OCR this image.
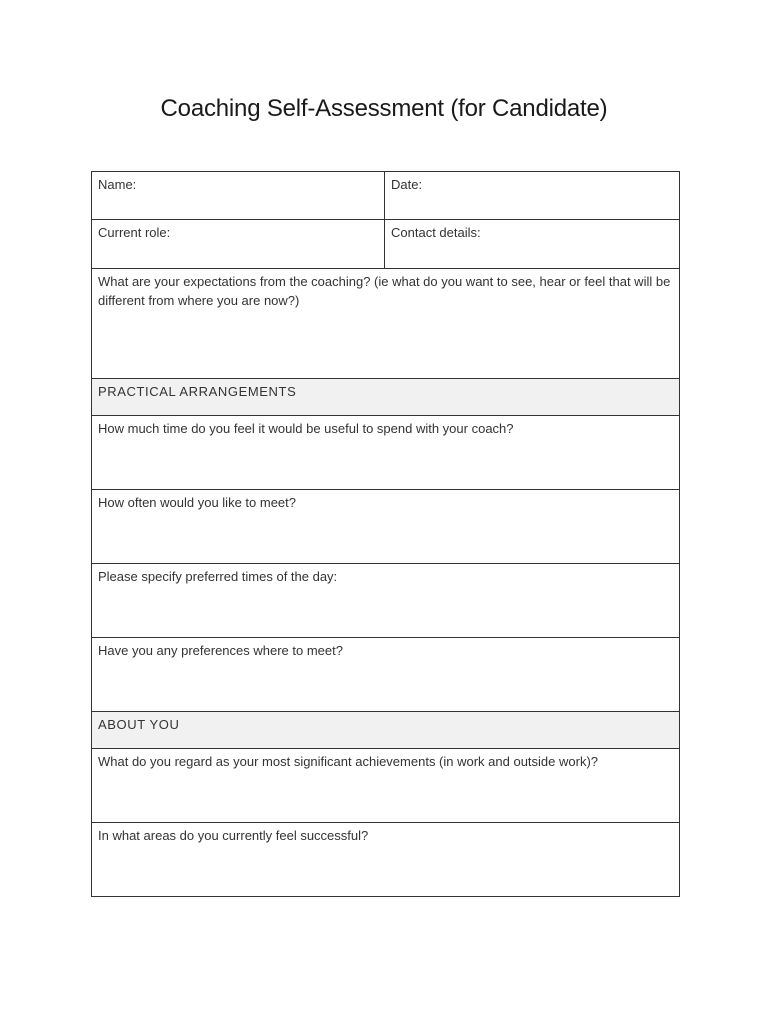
Coaching Self-Assessment (for Candidate)
Name:	Date:
Current role:	Contact details:
What are your expectations from the coaching? (ie what do you want to see, hear or feel that will be different from where you are now?)	
PRACTICAL ARRANGEMENTS	
How much time do you feel it would be useful to spend with your coach?	
How often would you like to meet?	
Please specify preferred times of the day:	
Have you any preferences where to meet?	
ABOUT YOU	
What do you regard as your most significant achievements (in work and outside work)?	
In what areas do you currently feel successful?	
